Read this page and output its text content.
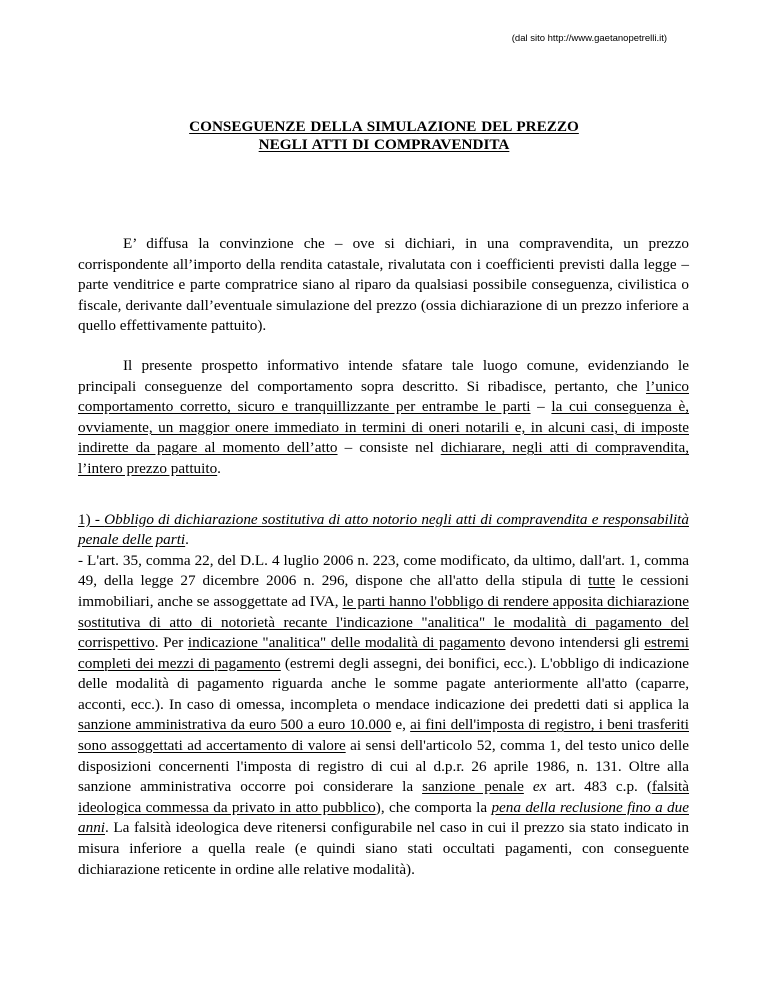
(dal sito http://www.gaetanopetrelli.it)
CONSEGUENZE DELLA SIMULAZIONE DEL PREZZO
NEGLI ATTI DI COMPRAVENDITA

E’ diffusa la convinzione che – ove si dichiari, in una compravendita, un prezzo corrispondente all’importo della rendita catastale, rivalutata con i coefficienti previsti dalla legge – parte venditrice e parte compratrice siano al riparo da qualsiasi possibile conseguenza, civilistica o fiscale, derivante dall’eventuale simulazione del prezzo (ossia dichiarazione di un prezzo inferiore a quello effettivamente pattuito).

Il presente prospetto informativo intende sfatare tale luogo comune, evidenziando le principali conseguenze del comportamento sopra descritto. Si ribadisce, pertanto, che l’unico comportamento corretto, sicuro e tranquillizzante per entrambe le parti – la cui conseguenza è, ovviamente, un maggior onere immediato in termini di oneri notarili e, in alcuni casi, di imposte indirette da pagare al momento dell’atto – consiste nel dichiarare, negli atti di compravendita, l’intero prezzo pattuito.

1) - Obbligo di dichiarazione sostitutiva di atto notorio negli atti di compravendita e responsabilità penale delle parti.

- L'art. 35, comma 22, del D.L. 4 luglio 2006 n. 223, come modificato, da ultimo, dall'art. 1, comma 49, della legge 27 dicembre 2006 n. 296, dispone che all'atto della stipula di tutte le cessioni immobiliari, anche se assoggettate ad IVA, le parti hanno l'obbligo di rendere apposita dichiarazione sostitutiva di atto di notorietà recante l'indicazione "analitica" le modalità di pagamento del corrispettivo. Per indicazione "analitica" delle modalità di pagamento devono intendersi gli estremi completi dei mezzi di pagamento (estremi degli assegni, dei bonifici, ecc.). L'obbligo di indicazione delle modalità di pagamento riguarda anche le somme pagate anteriormente all'atto (caparre, acconti, ecc.). In caso di omessa, incompleta o mendace indicazione dei predetti dati si applica la sanzione amministrativa da euro 500 a euro 10.000 e, ai fini dell'imposta di registro, i beni trasferiti sono assoggettati ad accertamento di valore ai sensi dell'articolo 52, comma 1, del testo unico delle disposizioni concernenti l'imposta di registro di cui al d.p.r. 26 aprile 1986, n. 131. Oltre alla sanzione amministrativa occorre poi considerare la sanzione penale ex art. 483 c.p. (falsità ideologica commessa da privato in atto pubblico), che comporta la pena della reclusione fino a due anni. La falsità ideologica deve ritenersi configurabile nel caso in cui il prezzo sia stato indicato in misura inferiore a quella reale (e quindi siano stati occultati pagamenti, con conseguente dichiarazione reticente in ordine alle relative modalità).
